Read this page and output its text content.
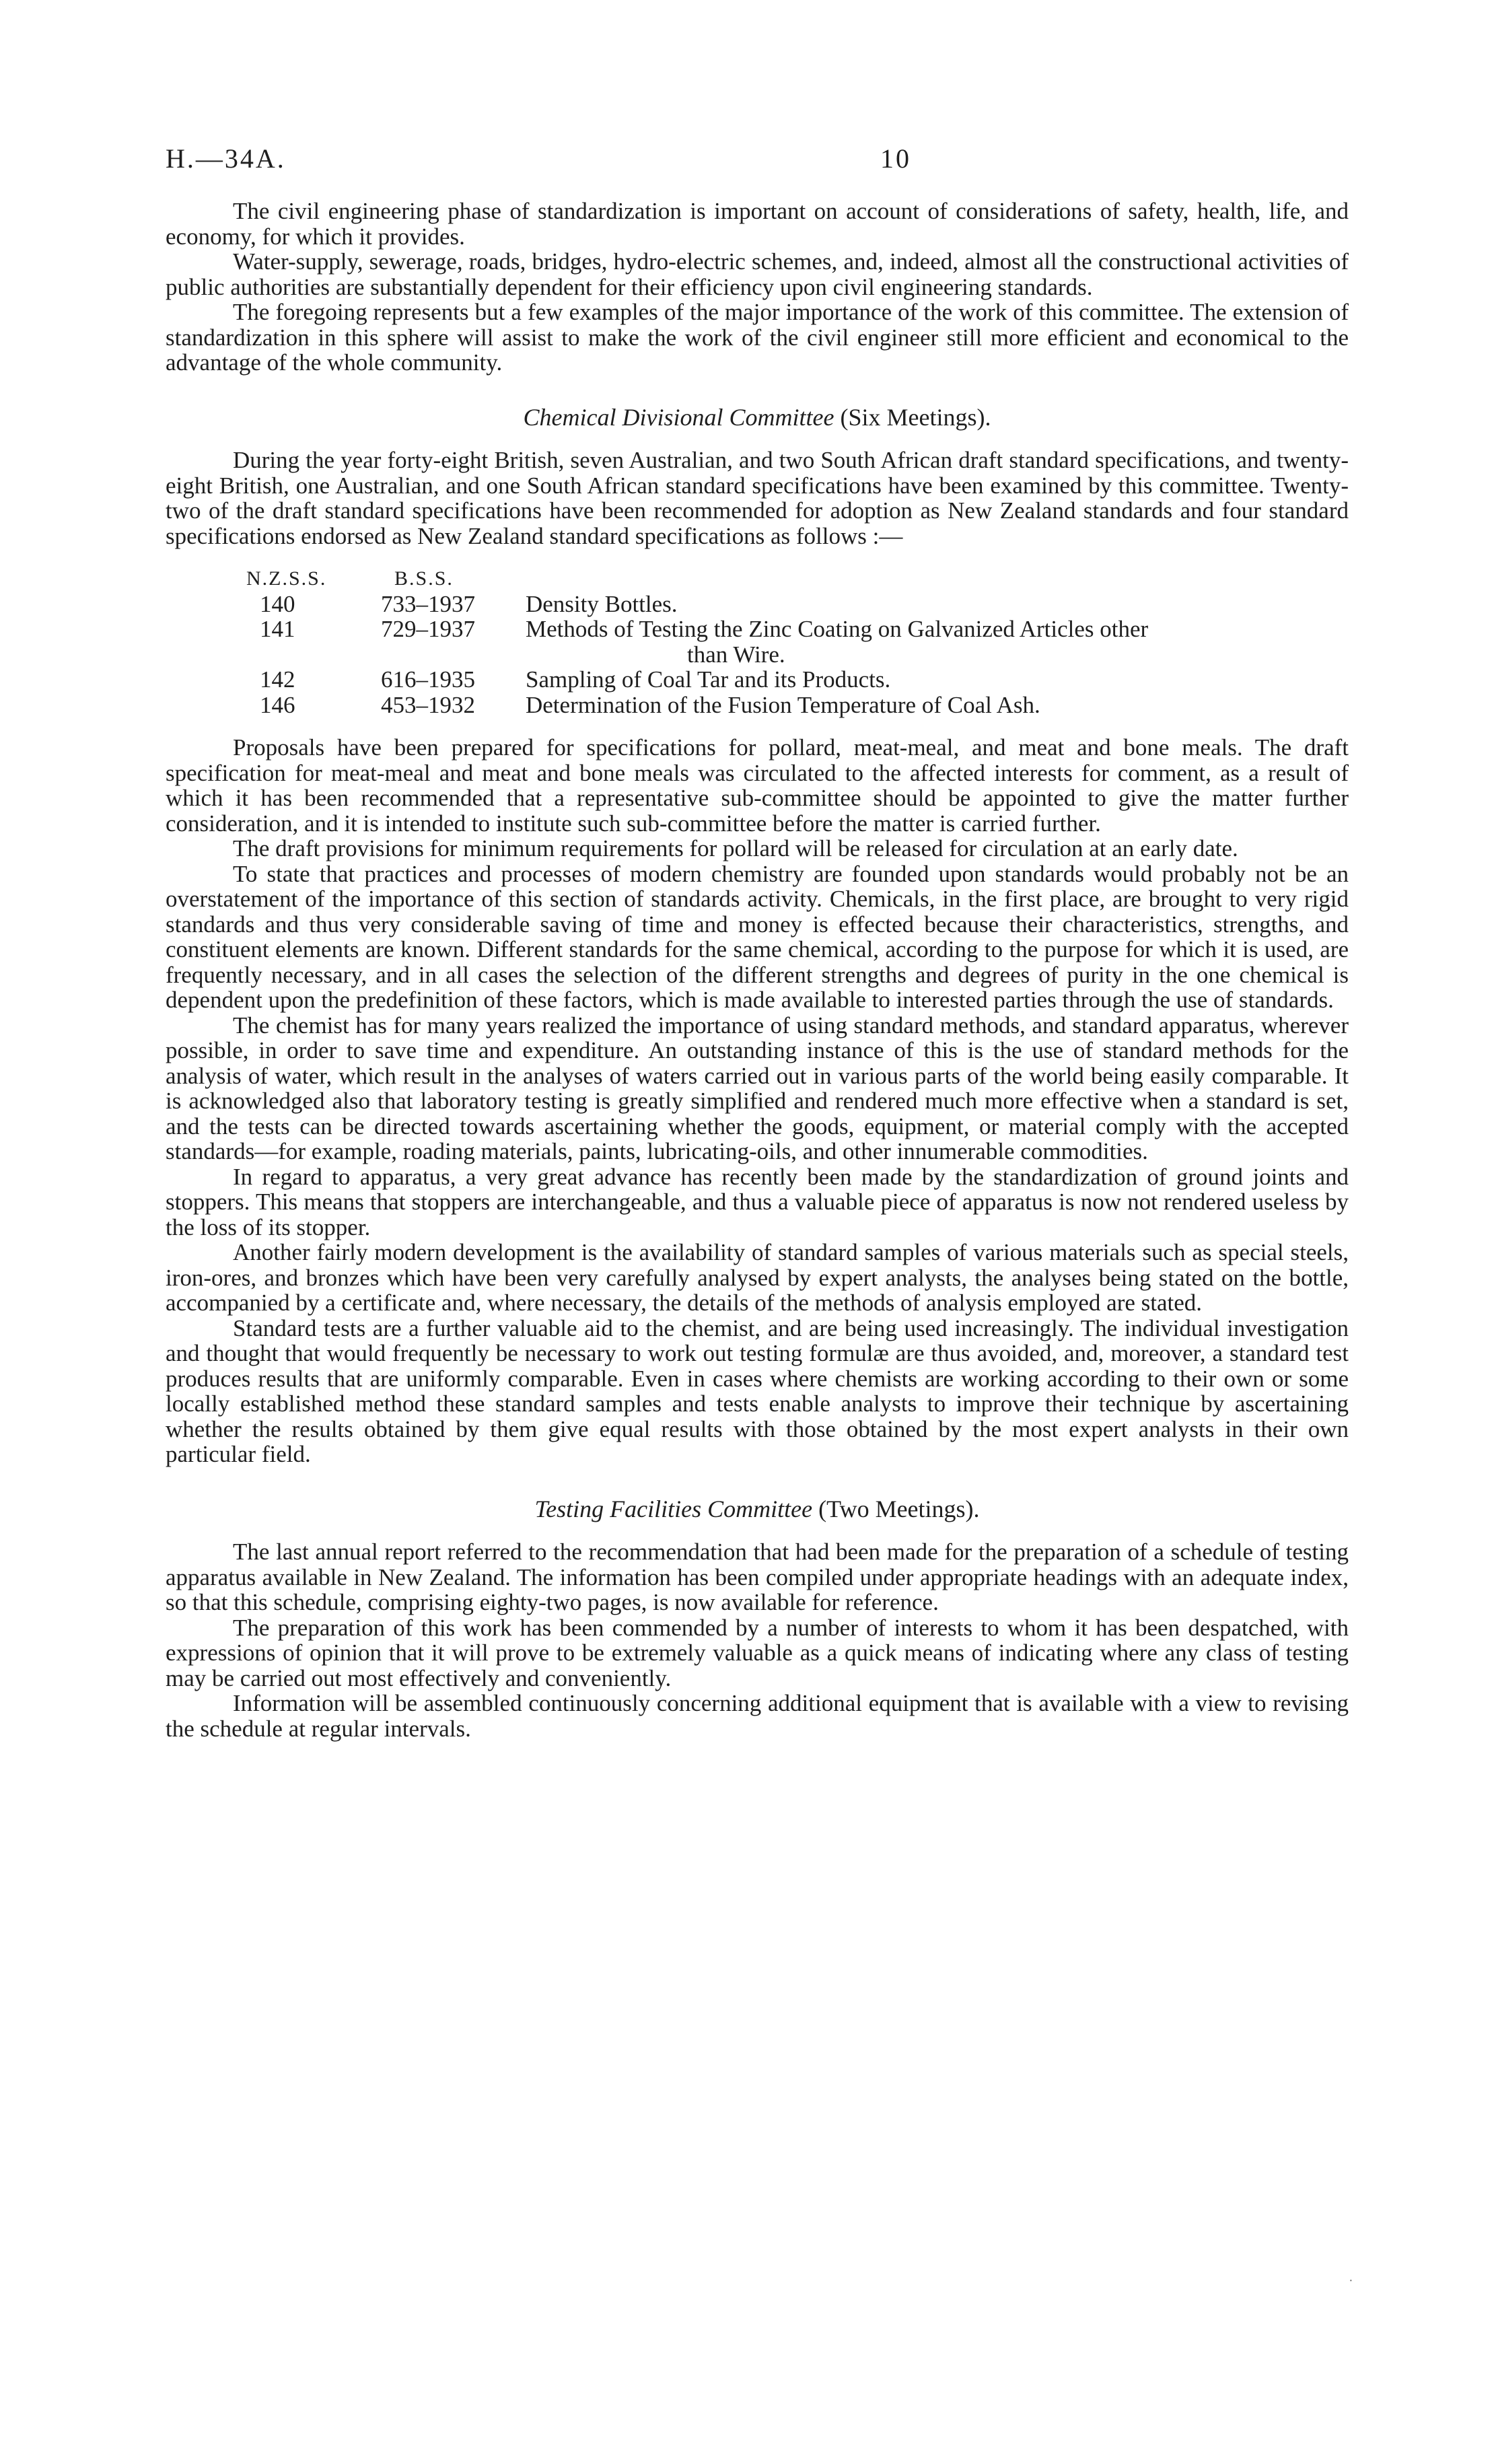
H.—34A.	10

The civil engineering phase of standardization is important on account of considerations of safety, health, life, and economy, for which it provides.

Water-supply, sewerage, roads, bridges, hydro-electric schemes, and, indeed, almost all the constructional activities of public authorities are substantially dependent for their efficiency upon civil engineering standards.

The foregoing represents but a few examples of the major importance of the work of this committee. The extension of standardization in this sphere will assist to make the work of the civil engineer still more efficient and economical to the advantage of the whole community.

Chemical Divisional Committee (Six Meetings).

During the year forty-eight British, seven Australian, and two South African draft standard specifications, and twenty-eight British, one Australian, and one South African standard specifications have been examined by this committee. Twenty-two of the draft standard specifications have been recommended for adoption as New Zealand standards and four standard specifications endorsed as New Zealand standard specifications as follows :—

N.Z.S.S.	B.S.S.
140	733–1937	Density Bottles.
141	729–1937	Methods of Testing the Zinc Coating on Galvanized Articles other
than Wire.
142	616–1935	Sampling of Coal Tar and its Products.
146	453–1932	Determination of the Fusion Temperature of Coal Ash.

Proposals have been prepared for specifications for pollard, meat-meal, and meat and bone meals. The draft specification for meat-meal and meat and bone meals was circulated to the affected interests for comment, as a result of which it has been recommended that a representative sub-committee should be appointed to give the matter further consideration, and it is intended to institute such sub-committee before the matter is carried further.

The draft provisions for minimum requirements for pollard will be released for circulation at an early date.

To state that practices and processes of modern chemistry are founded upon standards would probably not be an overstatement of the importance of this section of standards activity. Chemicals, in the first place, are brought to very rigid standards and thus very considerable saving of time and money is effected because their characteristics, strengths, and constituent elements are known. Different standards for the same chemical, according to the purpose for which it is used, are frequently necessary, and in all cases the selection of the different strengths and degrees of purity in the one chemical is dependent upon the predefinition of these factors, which is made available to interested parties through the use of standards.

The chemist has for many years realized the importance of using standard methods, and standard apparatus, wherever possible, in order to save time and expenditure. An outstanding instance of this is the use of standard methods for the analysis of water, which result in the analyses of waters carried out in various parts of the world being easily comparable. It is acknowledged also that laboratory testing is greatly simplified and rendered much more effective when a standard is set, and the tests can be directed towards ascertaining whether the goods, equipment, or material comply with the accepted standards—for example, roading materials, paints, lubricating-oils, and other innumerable commodities.

In regard to apparatus, a very great advance has recently been made by the standardization of ground joints and stoppers. This means that stoppers are interchangeable, and thus a valuable piece of apparatus is now not rendered useless by the loss of its stopper.

Another fairly modern development is the availability of standard samples of various materials such as special steels, iron-ores, and bronzes which have been very carefully analysed by expert analysts, the analyses being stated on the bottle, accompanied by a certificate and, where necessary, the details of the methods of analysis employed are stated.

Standard tests are a further valuable aid to the chemist, and are being used increasingly. The individual investigation and thought that would frequently be necessary to work out testing formulæ are thus avoided, and, moreover, a standard test produces results that are uniformly comparable. Even in cases where chemists are working according to their own or some locally established method these standard samples and tests enable analysts to improve their technique by ascertaining whether the results obtained by them give equal results with those obtained by the most expert analysts in their own particular field.

Testing Facilities Committee (Two Meetings).

The last annual report referred to the recommendation that had been made for the preparation of a schedule of testing apparatus available in New Zealand. The information has been compiled under appropriate headings with an adequate index, so that this schedule, comprising eighty-two pages, is now available for reference.

The preparation of this work has been commended by a number of interests to whom it has been despatched, with expressions of opinion that it will prove to be extremely valuable as a quick means of indicating where any class of testing may be carried out most effectively and conveniently.

Information will be assembled continuously concerning additional equipment that is available with a view to revising the schedule at regular intervals.

·
